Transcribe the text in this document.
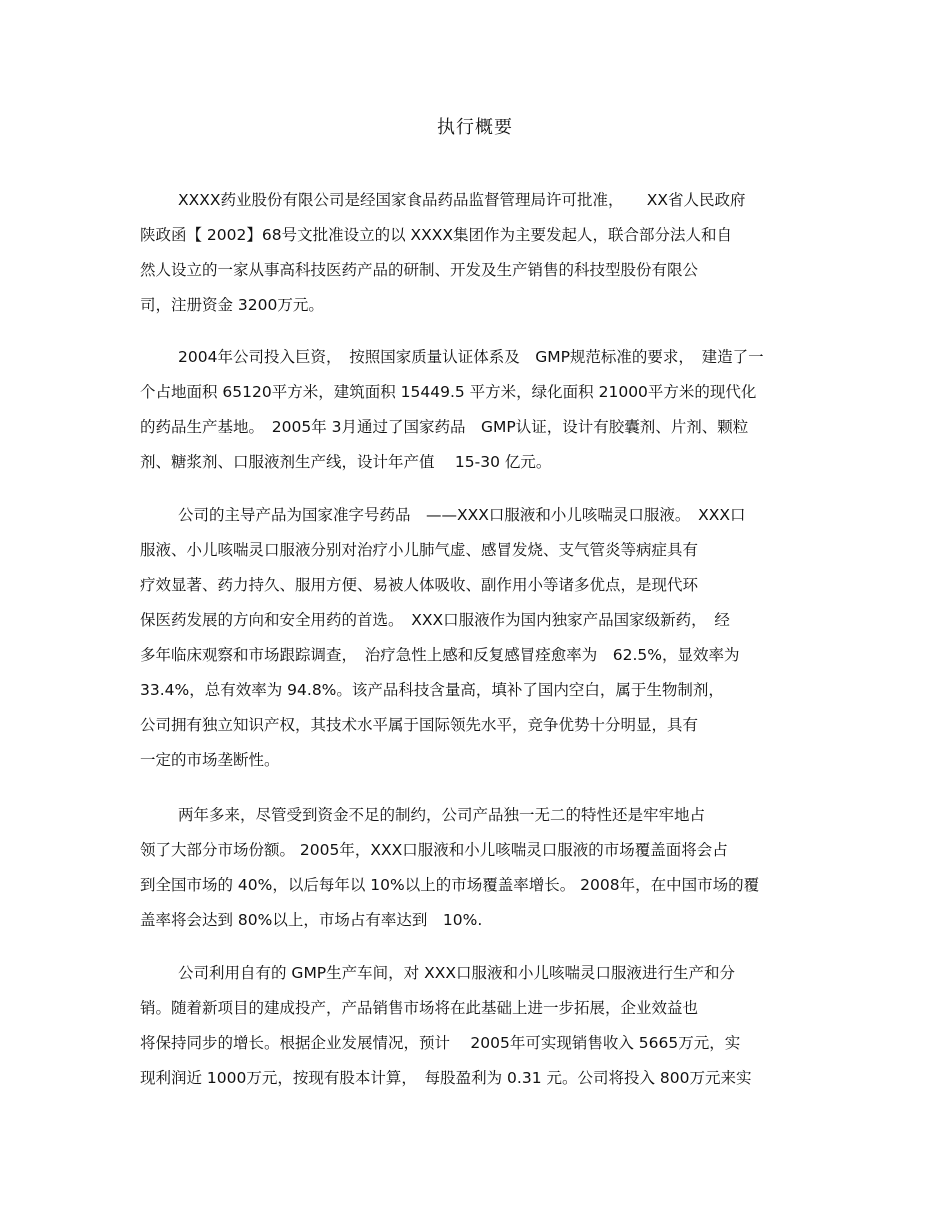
执行概要
XXXX药业股份有限公司是经国家食品药品监督管理局许可批准，　　XX省人民政府
陕政函【 2002】68号文批准设立的以 XXXX集团作为主要发起人，联合部分法人和自
然人设立的一家从事高科技医药产品的研制、开发及生产销售的科技型股份有限公
司，注册资金 3200万元。
2004年公司投入巨资，　按照国家质量认证体系及　GMP规范标准的要求，　建造了一
个占地面积 65120平方米，建筑面积 15449.5 平方米，绿化面积 21000平方米的现代化
的药品生产基地。　2005年 3月通过了国家药品　GMP认证，设计有胶囊剂、片剂、颗粒
剂、糖浆剂、口服液剂生产线，设计年产值　 15-30 亿元。
公司的主导产品为国家准字号药品　——XXX口服液和小儿咳喘灵口服液。　XXX口
服液、小儿咳喘灵口服液分别对治疗小儿肺气虚、感冒发烧、支气管炎等病症具有
疗效显著、药力持久、服用方便、易被人体吸收、副作用小等诸多优点，是现代环
保医药发展的方向和安全用药的首选。　XXX口服液作为国内独家产品国家级新药，　经
多年临床观察和市场跟踪调查，　治疗急性上感和反复感冒痊愈率为　62.5%，显效率为
33.4%，总有效率为 94.8%。该产品科技含量高，填补了国内空白，属于生物制剂，
公司拥有独立知识产权，其技术水平属于国际领先水平，竞争优势十分明显，具有
一定的市场垄断性。
两年多来，尽管受到资金不足的制约，公司产品独一无二的特性还是牢牢地占
领了大部分市场份额。 2005年，XXX口服液和小儿咳喘灵口服液的市场覆盖面将会占
到全国市场的 40%，以后每年以 10%以上的市场覆盖率增长。 2008年，在中国市场的覆
盖率将会达到 80%以上，市场占有率达到　10%.
公司利用自有的 GMP生产车间，对 XXX口服液和小儿咳喘灵口服液进行生产和分
销。随着新项目的建成投产，产品销售市场将在此基础上进一步拓展，企业效益也
将保持同步的增长。根据企业发展情况，预计　 2005年可实现销售收入 5665万元，实
现利润近 1000万元，按现有股本计算，　每股盈利为 0.31 元。公司将投入 800万元来实
